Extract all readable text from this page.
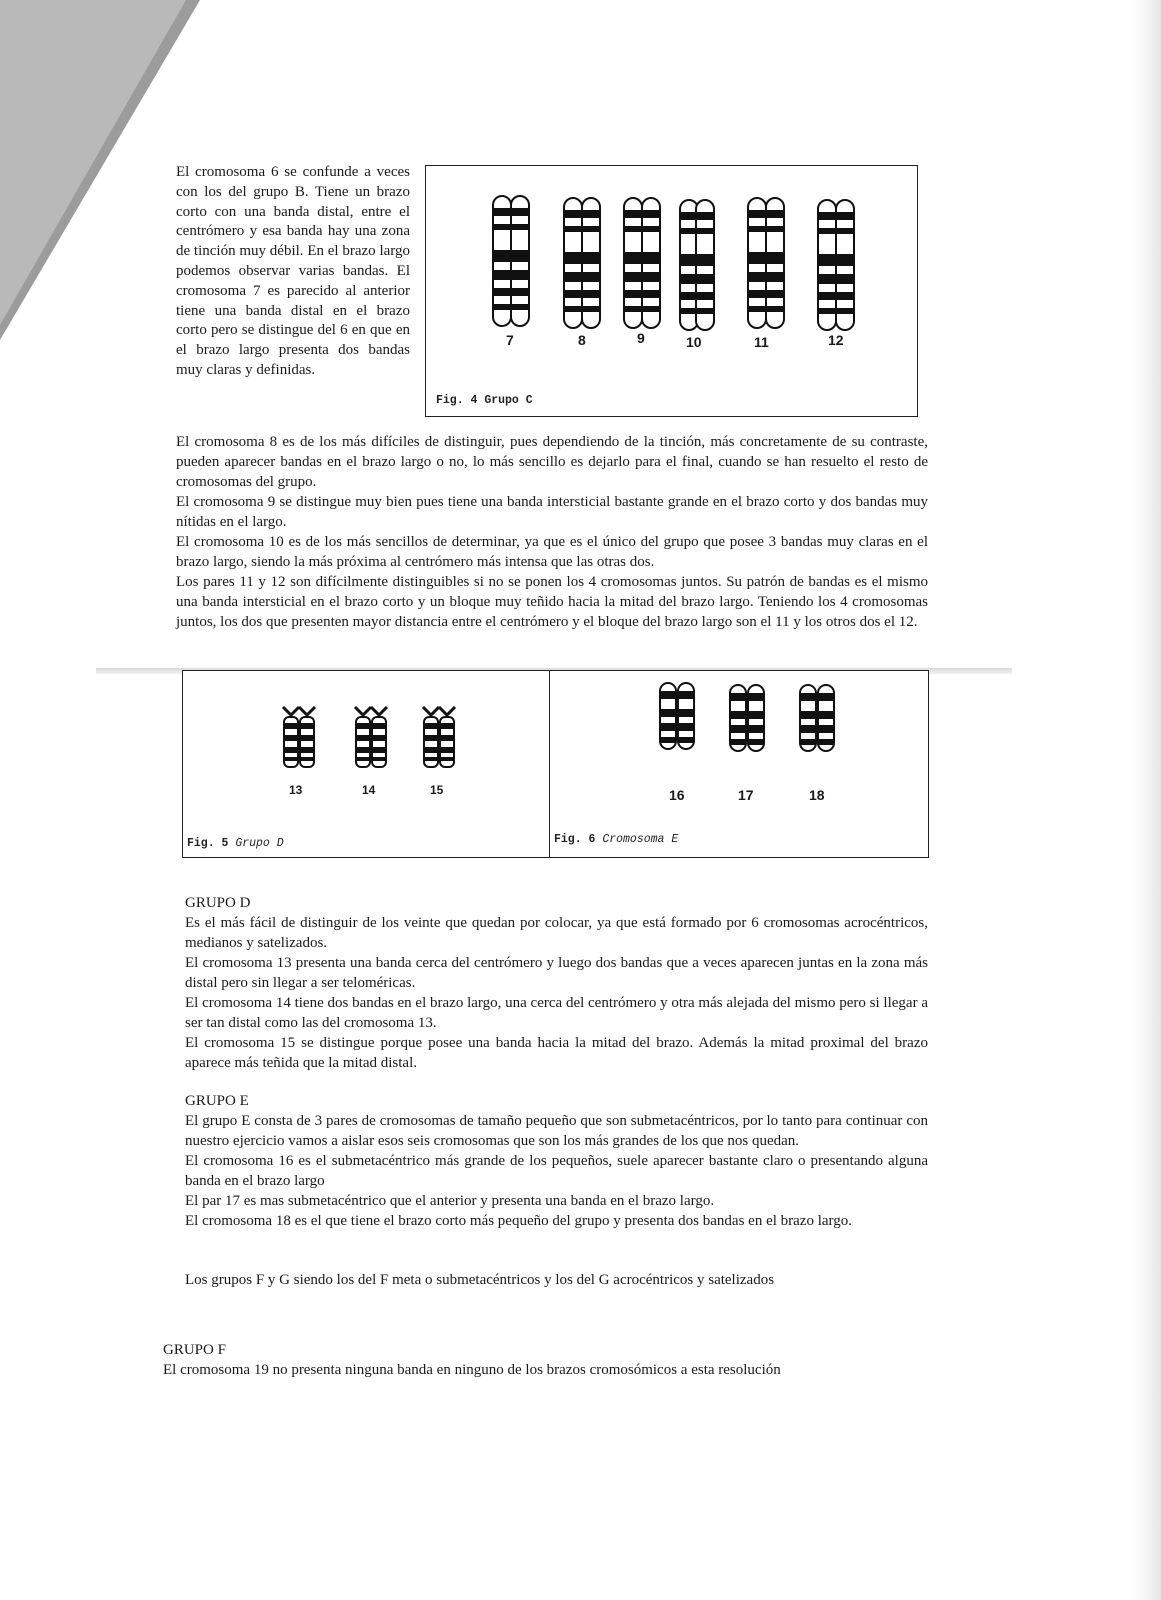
El cromosoma 6 se confunde a veces con los del grupo B. Tiene un brazo corto con una banda distal, entre el centrómero y esa banda hay una zona de tinción muy débil. En el brazo largo podemos observar varias bandas. El cromosoma 7 es parecido al anterior tiene una banda distal en el brazo corto pero se distingue del 6 en que en el brazo largo presenta dos bandas muy claras y definidas.

7	8	9	10	11	12
Fig. 4 Grupo C

El cromosoma 8 es de los más difíciles de distinguir, pues dependiendo de la tinción, más concretamente de su contraste, pueden aparecer bandas en el brazo largo o no, lo más sencillo es dejarlo para el final, cuando se han resuelto el resto de cromosomas del grupo.

El cromosoma 9 se distingue muy bien pues tiene una banda intersticial bastante grande en el brazo corto y dos bandas muy nítidas en el largo.

El cromosoma 10 es de los más sencillos de determinar, ya que es el único del grupo que posee 3 bandas muy claras en el brazo largo, siendo la más próxima al centrómero más intensa que las otras dos.

Los pares 11 y 12 son difícilmente distinguibles si no se ponen los 4 cromosomas juntos. Su patrón de bandas es el mismo una banda intersticial en el brazo corto y un bloque muy teñido hacia la mitad del brazo largo. Teniendo los 4 cromosomas juntos, los dos que presenten mayor distancia entre el centrómero y el bloque del brazo largo son el 11 y los otros dos el 12.

13	14	15
Fig. 5 Grupo D
16	17	18
Fig. 6 Cromosoma E

GRUPO D

Es el más fácil de distinguir de los veinte que quedan por colocar, ya que está formado por 6 cromosomas acrocéntricos, medianos y satelizados.

El cromosoma 13 presenta una banda cerca del centrómero y luego dos bandas que a veces aparecen juntas en la zona más distal pero sin llegar a ser teloméricas.

El cromosoma 14 tiene dos bandas en el brazo largo, una cerca del centrómero y otra más alejada del mismo pero si llegar a ser tan distal como las del cromosoma 13.

El cromosoma 15 se distingue porque posee una banda hacia la mitad del brazo. Además la mitad proximal del brazo aparece más teñida que la mitad distal.

GRUPO E

El grupo E consta de 3 pares de cromosomas de tamaño pequeño que son submetacéntricos, por lo tanto para continuar con nuestro ejercicio vamos a aislar esos seis cromosomas que son los más grandes de los que nos quedan.

El cromosoma 16 es el submetacéntrico más grande de los pequeños, suele aparecer bastante claro o presentando alguna banda en el brazo largo

El par 17 es mas submetacéntrico que el anterior y presenta una banda en el brazo largo.

El cromosoma 18 es el que tiene el brazo corto más pequeño del grupo y presenta dos bandas en el brazo largo.

Los grupos F y G siendo los del F meta o submetacéntricos y los del G acrocéntricos y satelizados

GRUPO F

El cromosoma 19 no presenta ninguna banda en ninguno de los brazos cromosómicos a esta resolución
